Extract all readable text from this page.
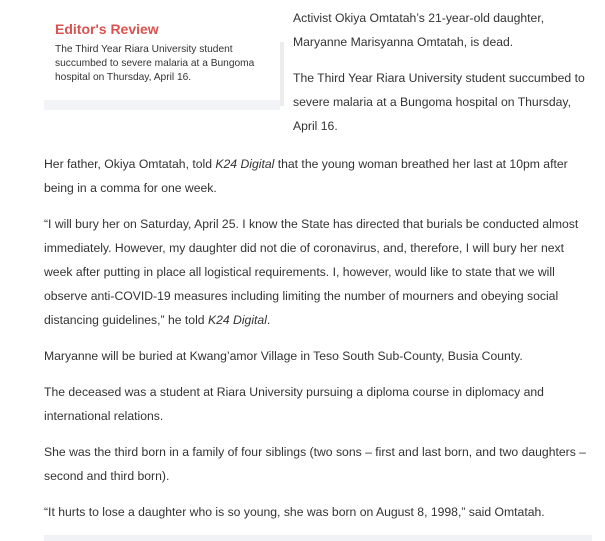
Editor's Review

The Third Year Riara University student succumbed to severe malaria at a Bungoma hospital on Thursday, April 16.

Activist Okiya Omtatah’s 21-year-old daughter, Maryanne Marisyanna Omtatah, is dead.

The Third Year Riara University student succumbed to severe malaria at a Bungoma hospital on Thursday, April 16.

Her father, Okiya Omtatah, told K24 Digital that the young woman breathed her last at 10pm after being in a comma for one week.

“I will bury her on Saturday, April 25. I know the State has directed that burials be conducted almost immediately. However, my daughter did not die of coronavirus, and, therefore, I will bury her next week after putting in place all logistical requirements. I, however, would like to state that we will observe anti-COVID-19 measures including limiting the number of mourners and obeying social distancing guidelines,” he told K24 Digital.

Maryanne will be buried at Kwang’amor Village in Teso South Sub-County, Busia County.

The deceased was a student at Riara University pursuing a diploma course in diplomacy and international relations.

She was the third born in a family of four siblings (two sons – first and last born, and two daughters – second and third born).

“It hurts to lose a daughter who is so young, she was born on August 8, 1998,” said Omtatah.
